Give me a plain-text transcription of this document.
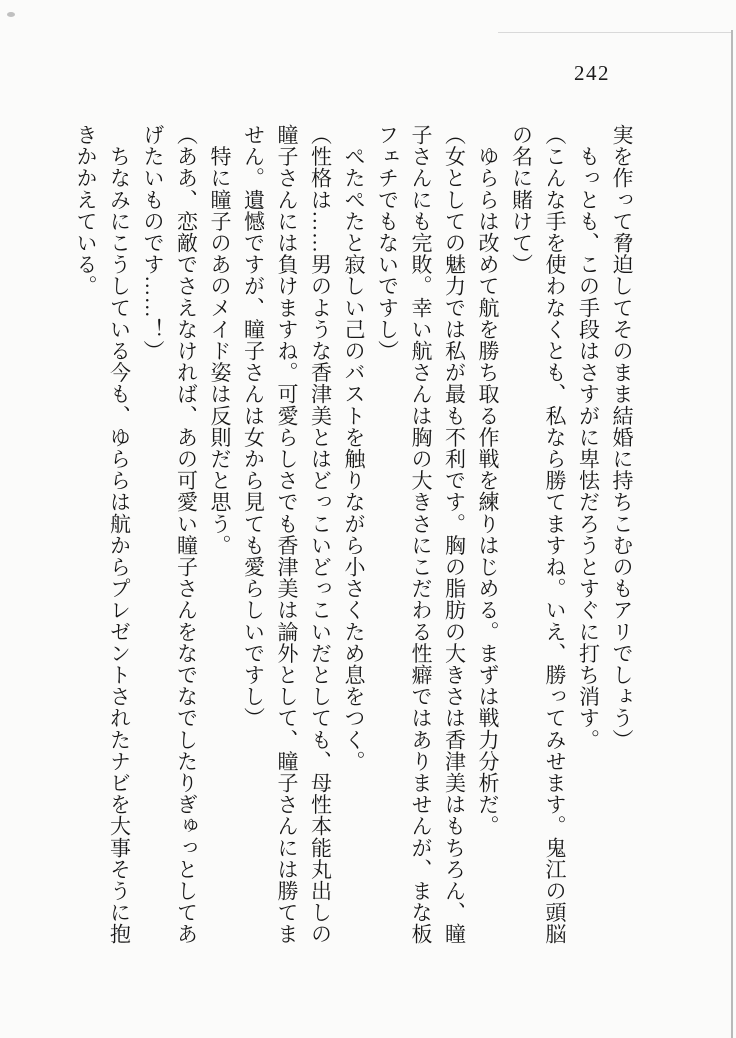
242

実を作って脅迫してそのまま結婚に持ちこむのもアリでしょう）

　もっとも、この手段はさすがに卑怯だろうとすぐに打ち消す。

（こんな手を使わなくとも、私なら勝てますね。いえ、勝ってみせます。鬼江の頭脳

の名に賭けて）

　ゆららは改めて航を勝ち取る作戦を練りはじめる。まずは戦力分析だ。

（女としての魅力では私が最も不利です。胸の脂肪の大きさは香津美はもちろん、瞳

子さんにも完敗。幸い航さんは胸の大きさにこだわる性癖ではありませんが、まな板

フェチでもないですし）

　ぺたぺたと寂しい己のバストを触りながら小さくため息をつく。

（性格は……男のような香津美とはどっこいどっこいだとしても、母性本能丸出しの

瞳子さんには負けますね。可愛らしさでも香津美は論外として、瞳子さんには勝てま

せん。遺憾ですが、瞳子さんは女から見ても愛らしいですし）

　特に瞳子のあのメイド姿は反則だと思う。

（ああ、恋敵でさえなければ、あの可愛い瞳子さんをなでなでしたりぎゅっとしてあ

げたいものです……！）

　ちなみにこうしている今も、ゆららは航からプレゼントされたナビを大事そうに抱

きかかえている。
